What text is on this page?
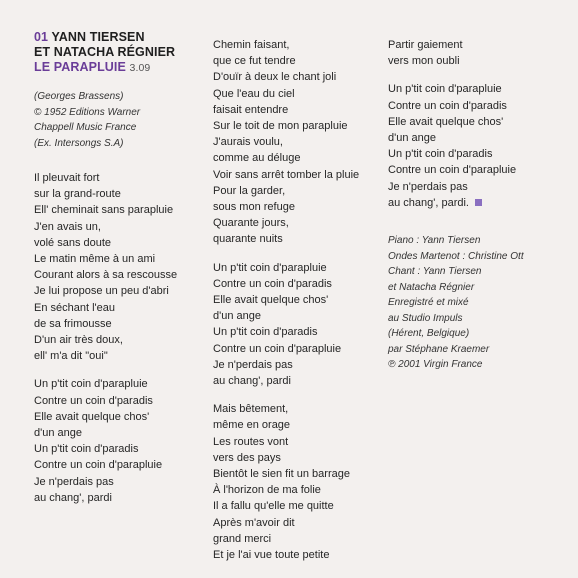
01 YANN TIERSEN
ET NATACHA RÉGNIER
LE PARAPLUIE 3.09
(Georges Brassens)
© 1952 Editions Warner
Chappell Music France
(Ex. Intersongs S.A)
Il pleuvait fort
sur la grand-route
Ell' cheminait sans parapluie
J'en avais un,
volé sans doute
Le matin même à un ami
Courant alors à sa rescousse
Je lui propose un peu d'abri
En séchant l'eau
de sa frimousse
D'un air très doux,
ell' m'a dit "oui"
Un p'tit coin d'parapluie
Contre un coin d'paradis
Elle avait quelque chos'
d'un ange
Un p'tit coin d'paradis
Contre un coin d'parapluie
Je n'perdais pas
au chang', pardi
Chemin faisant,
que ce fut tendre
D'ouïr à deux le chant joli
Que l'eau du ciel
faisait entendre
Sur le toit de mon parapluie
J'aurais voulu,
comme au déluge
Voir sans arrêt tomber la pluie
Pour la garder,
sous mon refuge
Quarante jours,
quarante nuits
Un p'tit coin d'parapluie
Contre un coin d'paradis
Elle avait quelque chos'
d'un ange
Un p'tit coin d'paradis
Contre un coin d'parapluie
Je n'perdais pas
au chang', pardi
Mais bêtement,
même en orage
Les routes vont
vers des pays
Bientôt le sien fit un barrage
À l'horizon de ma folie
Il a fallu qu'elle me quitte
Après m'avoir dit
grand merci
Et je l'ai vue toute petite
Partir gaiement
vers mon oubli
Un p'tit coin d'parapluie
Contre un coin d'paradis
Elle avait quelque chos'
d'un ange
Un p'tit coin d'paradis
Contre un coin d'parapluie
Je n'perdais pas
au chang', pardi.
Piano : Yann Tiersen
Ondes Martenot : Christine Ott
Chant : Yann Tiersen
et Natacha Régnier
Enregistré et mixé
au Studio Impuls
(Hérent, Belgique)
par Stéphane Kraemer
℗ 2001 Virgin France
